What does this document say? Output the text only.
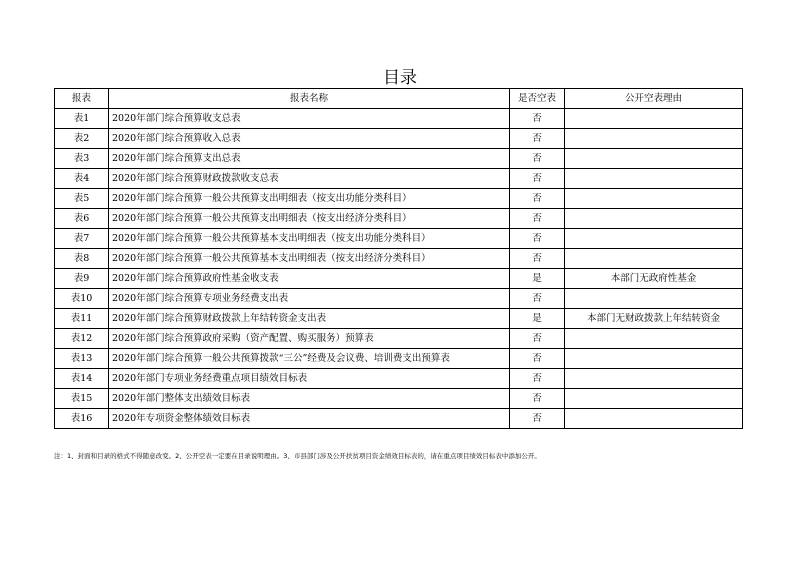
目录
报表	报表名称	是否空表	公开空表理由
表1	2020年部门综合预算收支总表	否	
表2	2020年部门综合预算收入总表	否	
表3	2020年部门综合预算支出总表	否	
表4	2020年部门综合预算财政拨款收支总表	否	
表5	2020年部门综合预算一般公共预算支出明细表（按支出功能分类科目）	否	
表6	2020年部门综合预算一般公共预算支出明细表（按支出经济分类科目）	否	
表7	2020年部门综合预算一般公共预算基本支出明细表（按支出功能分类科目）	否	
表8	2020年部门综合预算一般公共预算基本支出明细表（按支出经济分类科目）	否	
表9	2020年部门综合预算政府性基金收支表	是	本部门无政府性基金
表10	2020年部门综合预算专项业务经费支出表	否	
表11	2020年部门综合预算财政拨款上年结转资金支出表	是	本部门无财政拨款上年结转资金
表12	2020年部门综合预算政府采购（资产配置、购买服务）预算表	否	
表13	2020年部门综合预算一般公共预算拨款“三公”经费及会议费、培训费支出预算表	否	
表14	2020年部门专项业务经费重点项目绩效目标表	否	
表15	2020年部门整体支出绩效目标表	否	
表16	2020年专项资金整体绩效目标表	否	
注：1、封面和目录的格式不得随意改变。2、公开空表一定要在目录说明理由。3、市县部门涉及公开扶贫项目资金绩效目标表的，请在重点项目绩效目标表中添加公开。
